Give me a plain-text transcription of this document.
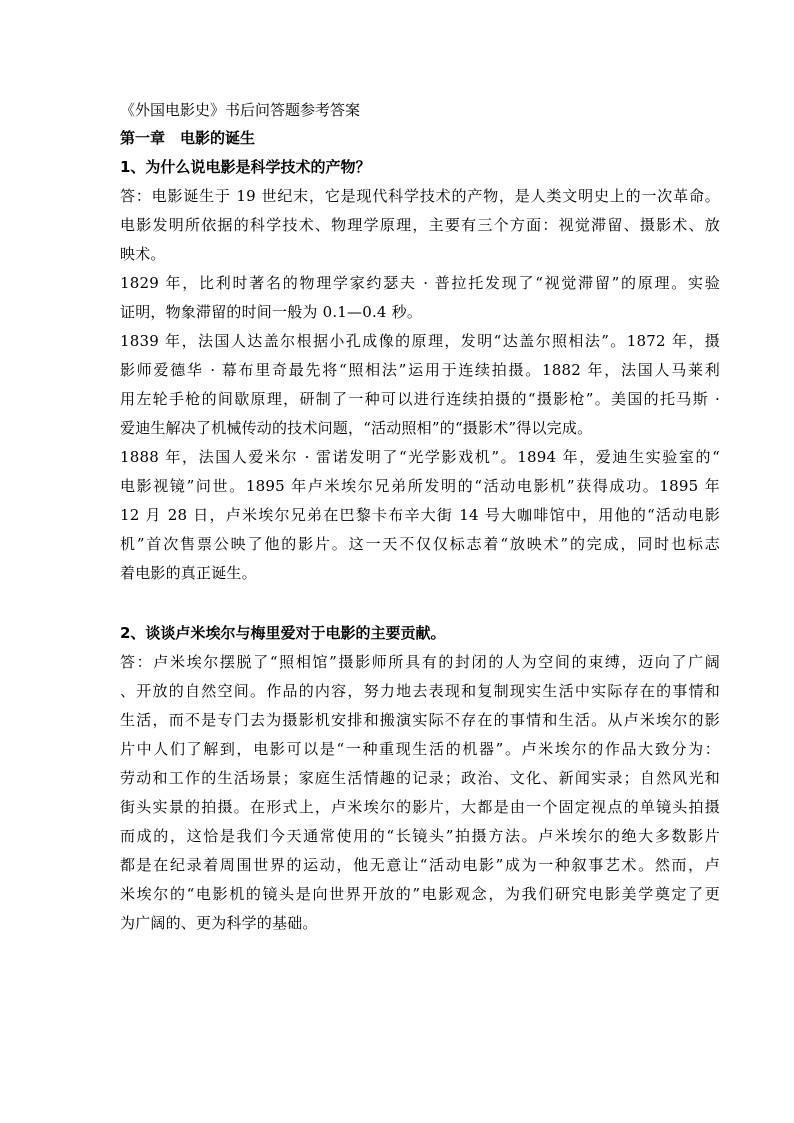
《外国电影史》书后问答题参考答案
第一章　电影的诞生
1、为什么说电影是科学技术的产物？
答：电影诞生于 19 世纪末，它是现代科学技术的产物，是人类文明史上的一次革命。
电影发明所依据的科学技术、物理学原理，主要有三个方面：视觉滞留、摄影术、放
映术。
1829 年，比利时著名的物理学家约瑟夫 · 普拉托发现了“视觉滞留”的原理。实验
证明，物象滞留的时间一般为 0.1—0.4 秒。
1839 年，法国人达盖尔根据小孔成像的原理，发明“达盖尔照相法”。1872 年，摄
影师爱德华 · 幕布里奇最先将“照相法”运用于连续拍摄。1882 年，法国人马莱利
用左轮手枪的间歇原理，研制了一种可以进行连续拍摄的“摄影枪”。美国的托马斯 ·
爱迪生解决了机械传动的技术问题，“活动照相”的“摄影术”得以完成。
1888 年，法国人爱米尔 · 雷诺发明了“光学影戏机”。1894 年，爱迪生实验室的“
电影视镜”问世。1895 年卢米埃尔兄弟所发明的“活动电影机”获得成功。1895 年
12 月 28 日，卢米埃尔兄弟在巴黎卡布辛大街 14 号大咖啡馆中，用他的“活动电影
机”首次售票公映了他的影片。这一天不仅仅标志着“放映术”的完成，同时也标志
着电影的真正诞生。
2、谈谈卢米埃尔与梅里爱对于电影的主要贡献。
答：卢米埃尔摆脱了“照相馆”摄影师所具有的封闭的人为空间的束缚，迈向了广阔
、开放的自然空间。作品的内容，努力地去表现和复制现实生活中实际存在的事情和
生活，而不是专门去为摄影机安排和搬演实际不存在的事情和生活。从卢米埃尔的影
片中人们了解到，电影可以是“一种重现生活的机器”。卢米埃尔的作品大致分为：
劳动和工作的生活场景；家庭生活情趣的记录；政治、文化、新闻实录；自然风光和
街头实景的拍摄。在形式上，卢米埃尔的影片，大都是由一个固定视点的单镜头拍摄
而成的，这恰是我们今天通常使用的“长镜头”拍摄方法。卢米埃尔的绝大多数影片
都是在纪录着周围世界的运动，他无意让“活动电影”成为一种叙事艺术。然而，卢
米埃尔的“电影机的镜头是向世界开放的”电影观念，为我们研究电影美学奠定了更
为广阔的、更为科学的基础。
